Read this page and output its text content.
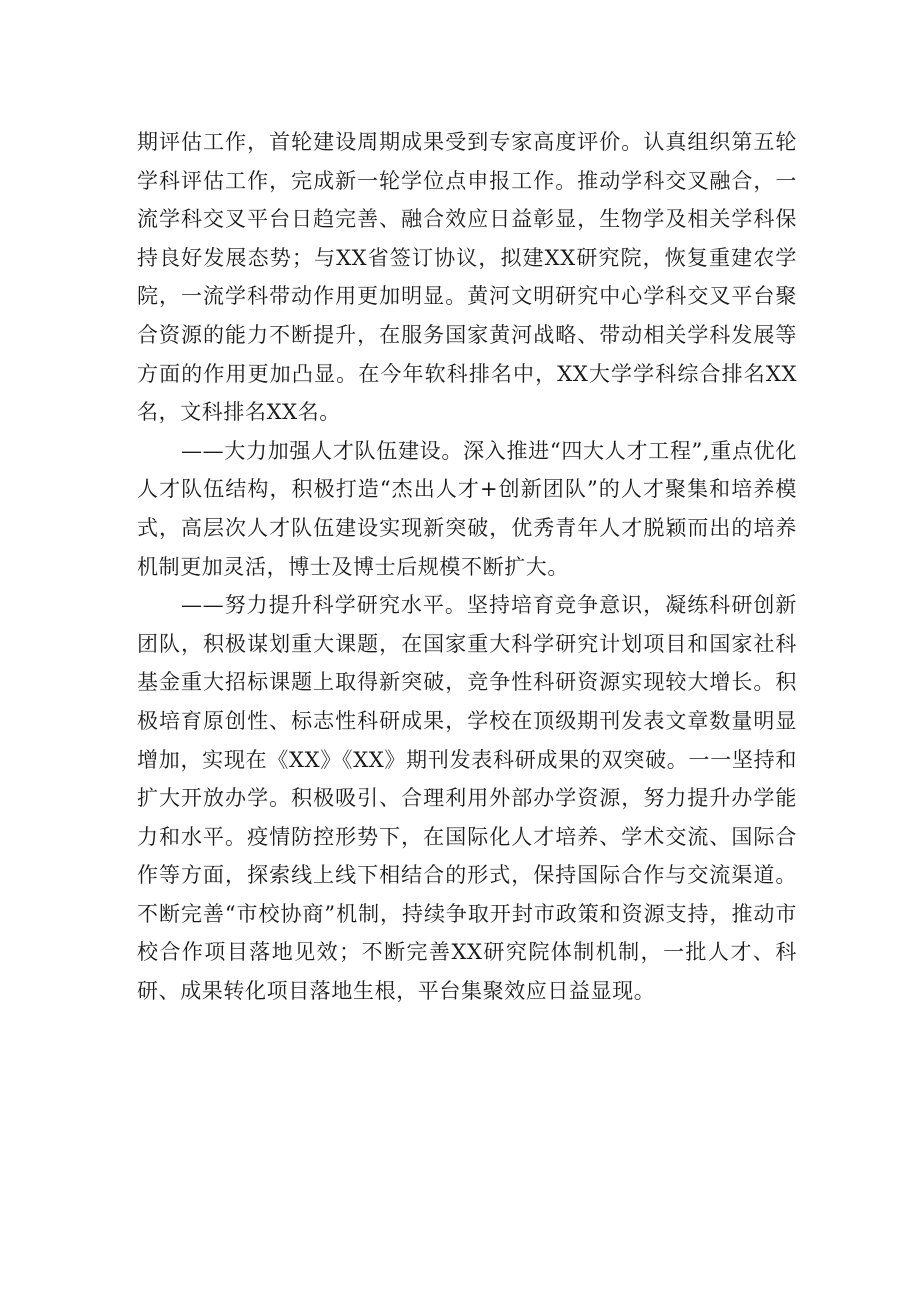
期评估工作，首轮建设周期成果受到专家高度评价。认真组织第五轮学科评估工作，完成新一轮学位点申报工作。推动学科交叉融合，一流学科交叉平台日趋完善、融合效应日益彰显，生物学及相关学科保持良好发展态势；与XX省签订协议，拟建XX研究院，恢复重建农学院，一流学科带动作用更加明显。黄河文明研究中心学科交叉平台聚合资源的能力不断提升，在服务国家黄河战略、带动相关学科发展等方面的作用更加凸显。在今年软科排名中，XX大学学科综合排名XX名，文科排名XX名。

——大力加强人才队伍建设。深入推进“四大人才工程”,重点优化人才队伍结构，积极打造“杰出人才+创新团队”的人才聚集和培养模式，高层次人才队伍建设实现新突破，优秀青年人才脱颖而出的培养机制更加灵活，博士及博士后规模不断扩大。

——努力提升科学研究水平。坚持培育竞争意识，凝练科研创新团队，积极谋划重大课题，在国家重大科学研究计划项目和国家社科基金重大招标课题上取得新突破，竞争性科研资源实现较大增长。积极培育原创性、标志性科研成果，学校在顶级期刊发表文章数量明显增加，实现在《XX》《XX》期刊发表科研成果的双突破。一一坚持和扩大开放办学。积极吸引、合理利用外部办学资源，努力提升办学能力和水平。疫情防控形势下，在国际化人才培养、学术交流、国际合作等方面，探索线上线下相结合的形式，保持国际合作与交流渠道。不断完善“市校协商”机制，持续争取开封市政策和资源支持，推动市校合作项目落地见效；不断完善XX研究院体制机制，一批人才、科研、成果转化项目落地生根，平台集聚效应日益显现。
